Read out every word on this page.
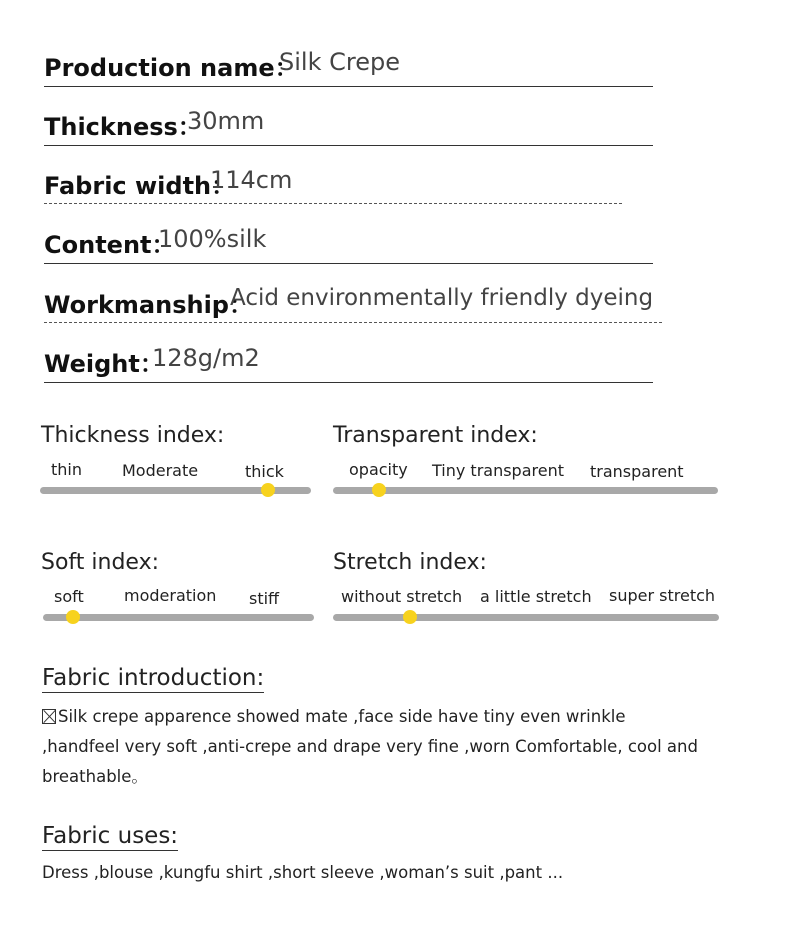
Production name：
Silk Crepe
Thickness：
30mm
Fabric width：
114cm
Content：
100%silk
Workmanship：
Acid environmentally friendly dyeing
Weight：
128g/m2
Thickness index:
thin	Moderate	thick
Transparent index:
opacity Tiny transparent transparent
Soft index:
soft	moderation stiff
Stretch index:
without stretch a little stretch super stretch
Fabric introduction:
Silk crepe apparence showed mate ,face side have tiny even wrinkle ,handfeel very soft ,anti-crepe and drape very fine ,worn Comfortable, cool and breathable。
Fabric uses:
Dress ,blouse ,kungfu shirt ,short sleeve ,woman’s suit ,pant ...
